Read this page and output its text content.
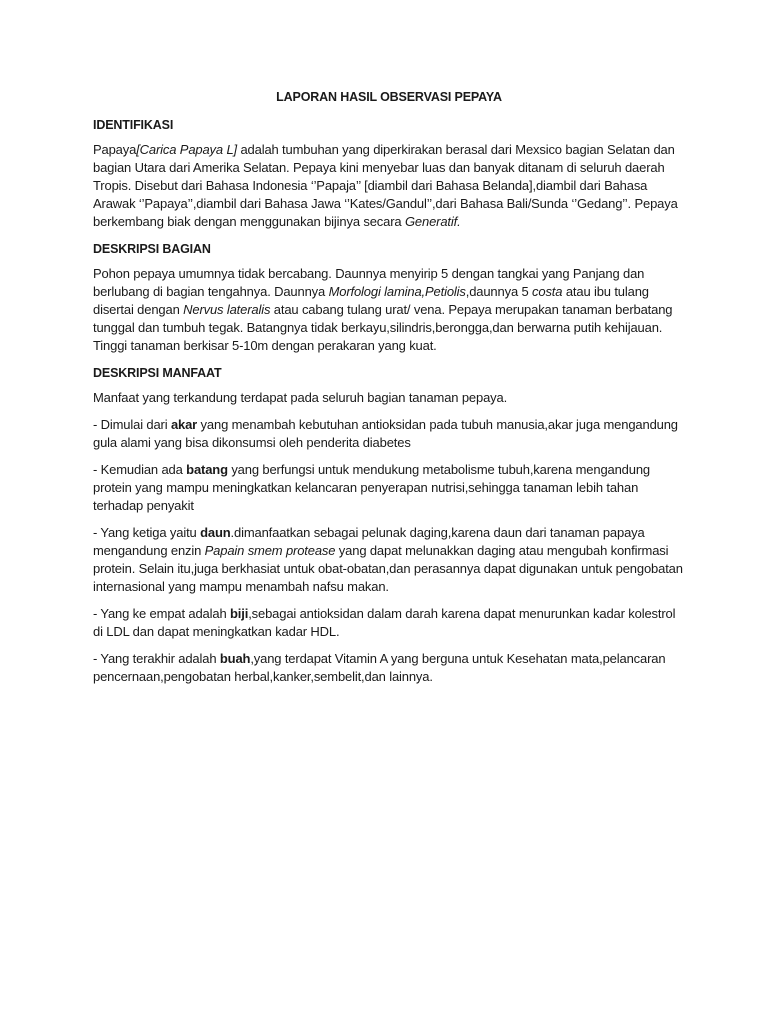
LAPORAN HASIL OBSERVASI PEPAYA
IDENTIFIKASI

Papaya[Carica Papaya L] adalah tumbuhan yang diperkirakan berasal dari Mexsico bagian Selatan dan bagian Utara dari Amerika Selatan. Pepaya kini menyebar luas dan banyak ditanam di seluruh daerah Tropis. Disebut dari Bahasa Indonesia ‘’Papaja’’ [diambil dari Bahasa Belanda],diambil dari Bahasa Arawak ‘’Papaya’’,diambil dari Bahasa Jawa ‘’Kates/Gandul’’,dari Bahasa Bali/Sunda ‘’Gedang’’. Pepaya berkembang biak dengan menggunakan bijinya secara Generatif.

DESKRIPSI BAGIAN

Pohon pepaya umumnya tidak bercabang. Daunnya menyirip 5 dengan tangkai yang Panjang dan berlubang di bagian tengahnya. Daunnya Morfologi lamina,Petiolis,daunnya 5 costa atau ibu tulang disertai dengan Nervus lateralis atau cabang tulang urat/ vena. Pepaya merupakan tanaman berbatang tunggal dan tumbuh tegak. Batangnya tidak berkayu,silindris,berongga,dan berwarna putih kehijauan. Tinggi tanaman berkisar 5-10m dengan perakaran yang kuat.

DESKRIPSI MANFAAT

Manfaat yang terkandung terdapat pada seluruh bagian tanaman pepaya.

- Dimulai dari akar yang menambah kebutuhan antioksidan pada tubuh manusia,akar juga mengandung gula alami yang bisa dikonsumsi oleh penderita diabetes

- Kemudian ada batang yang berfungsi untuk mendukung metabolisme tubuh,karena mengandung protein yang mampu meningkatkan kelancaran penyerapan nutrisi,sehingga tanaman lebih tahan terhadap penyakit

- Yang ketiga yaitu daun.dimanfaatkan sebagai pelunak daging,karena daun dari tanaman papaya mengandung enzin Papain smem protease yang dapat melunakkan daging atau mengubah konfirmasi protein. Selain itu,juga berkhasiat untuk obat-obatan,dan perasannya dapat digunakan untuk pengobatan internasional yang mampu menambah nafsu makan.

- Yang ke empat adalah biji,sebagai antioksidan dalam darah karena dapat menurunkan kadar kolestrol di LDL dan dapat meningkatkan kadar HDL.

- Yang terakhir adalah buah,yang terdapat Vitamin A yang berguna untuk Kesehatan mata,pelancaran pencernaan,pengobatan herbal,kanker,sembelit,dan lainnya.
